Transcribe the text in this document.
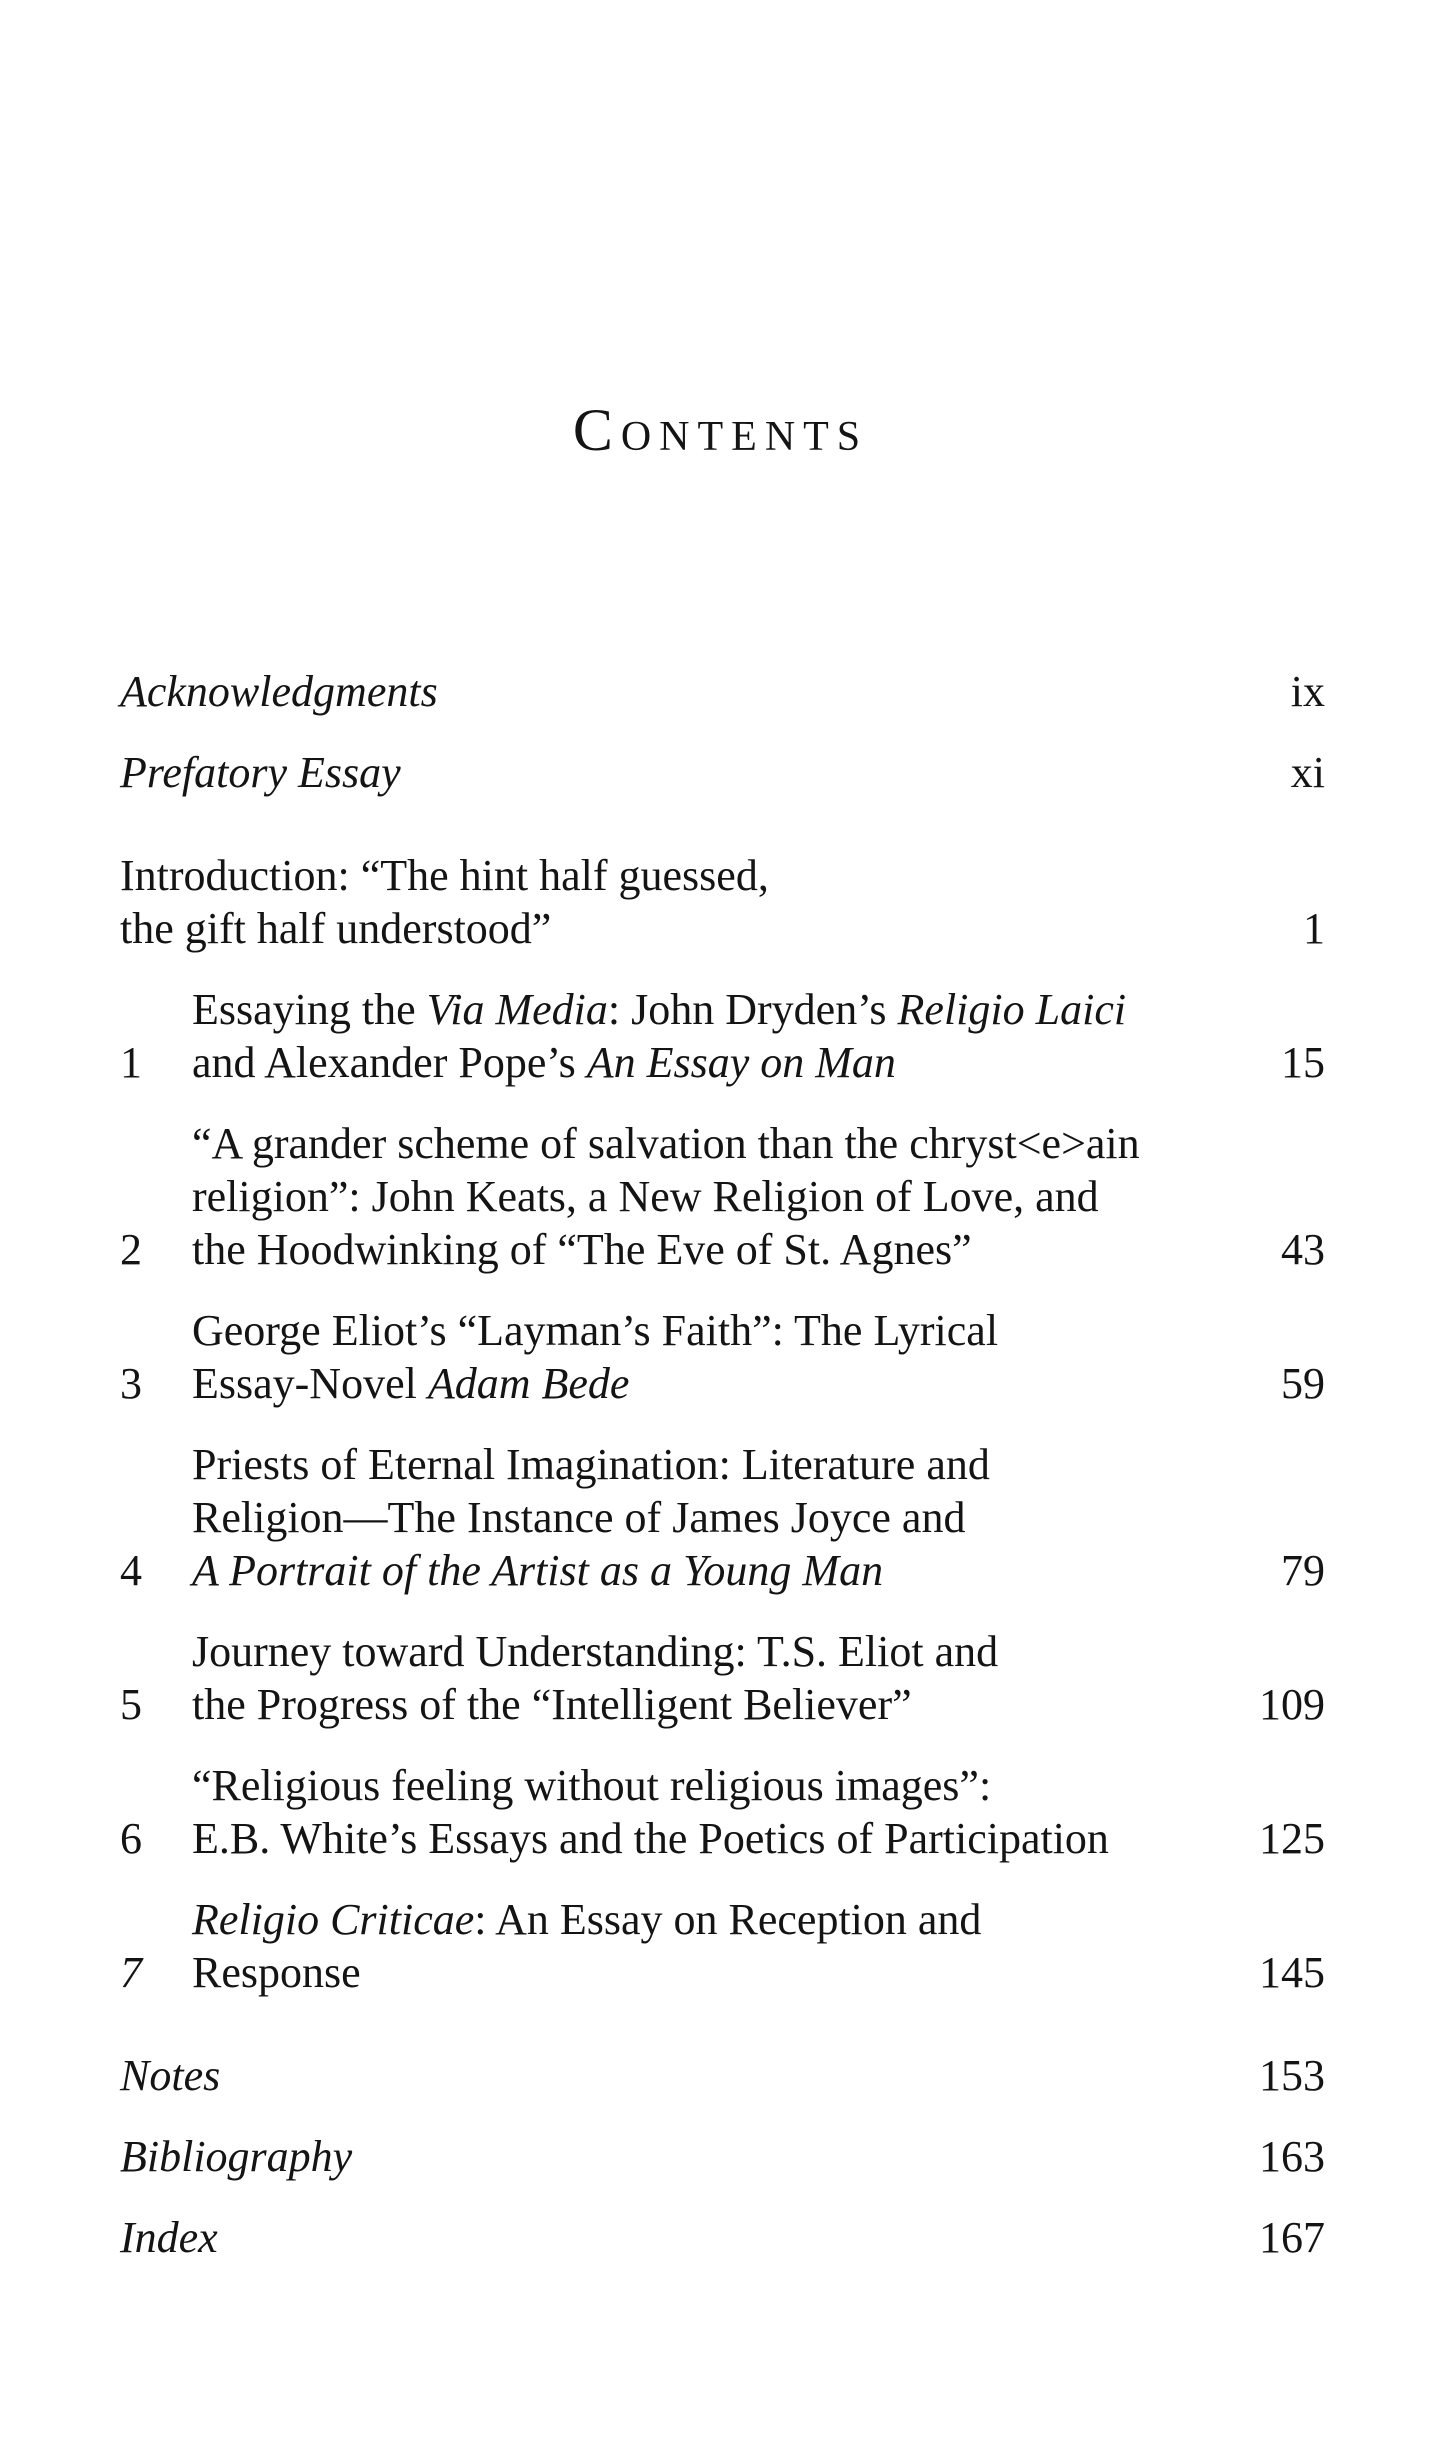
Contents
Acknowledgments	ix
Prefatory Essay	xi
Introduction: “The hint half guessed,
the gift half understood”	1
1
Essaying the Via Media: John Dryden’s Religio Laici
and Alexander Pope’s An Essay on Man	15
2
“A grander scheme of salvation than the chryst<e>ain
religion”: John Keats, a New Religion of Love, and
the Hoodwinking of “The Eve of St. Agnes”	43
3
George Eliot’s “Layman’s Faith”: The Lyrical
Essay-Novel Adam Bede	59
4
Priests of Eternal Imagination: Literature and
Religion—The Instance of James Joyce and
A Portrait of the Artist as a Young Man	79
5
Journey toward Understanding: T.S. Eliot and
the Progress of the “Intelligent Believer”	109
6
“Religious feeling without religious images”:
E.B. White’s Essays and the Poetics of Participation	125
7
Religio Criticae: An Essay on Reception and
Response	145
Notes	153
Bibliography	163
Index	167
